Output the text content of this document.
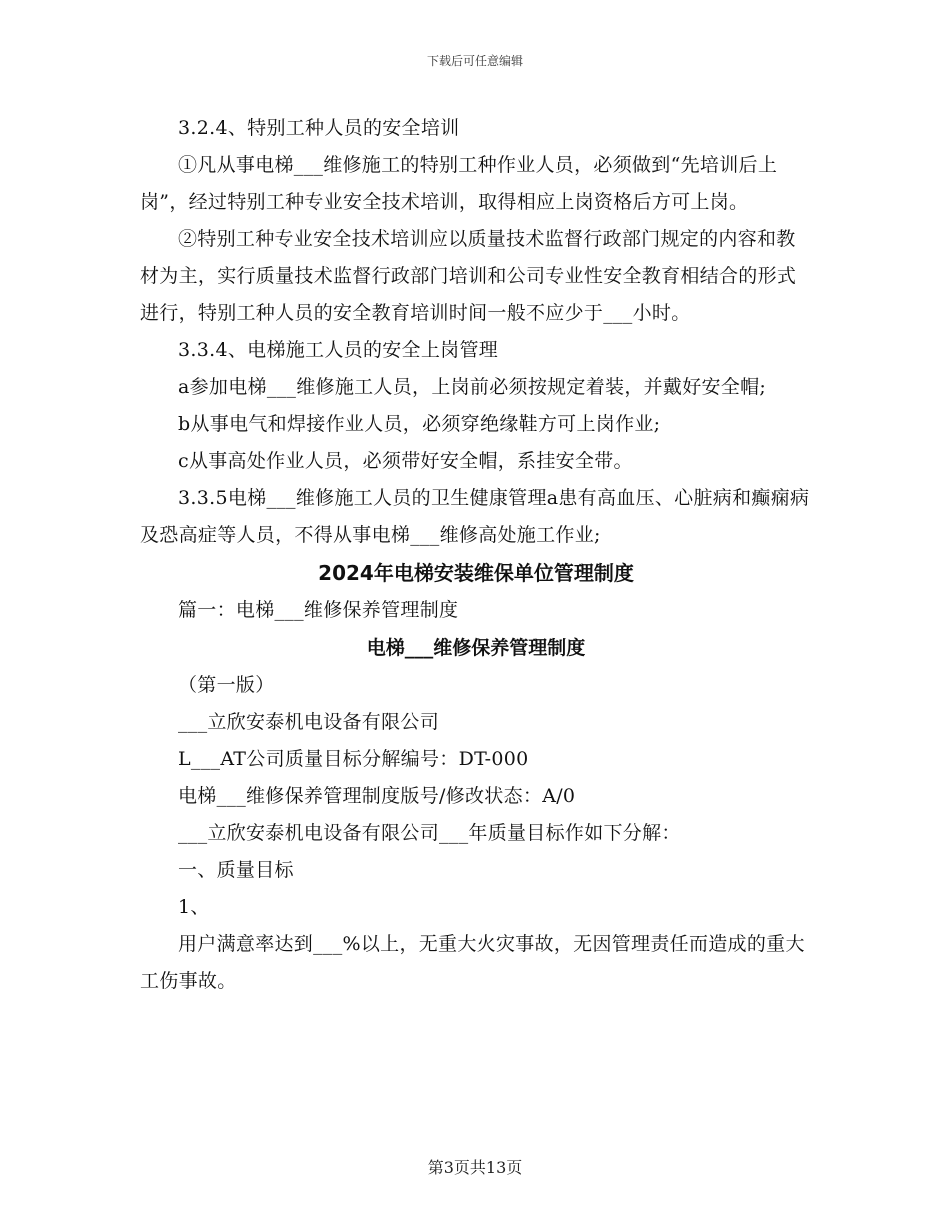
下载后可任意编辑

3.2.4、特别工种人员的安全培训

①凡从事电梯___维修施工的特别工种作业人员，必须做到“先培训后上岗”，经过特别工种专业安全技术培训，取得相应上岗资格后方可上岗。

②特别工种专业安全技术培训应以质量技术监督行政部门规定的内容和教材为主，实行质量技术监督行政部门培训和公司专业性安全教育相结合的形式进行，特别工种人员的安全教育培训时间一般不应少于___小时。

3.3.4、电梯施工人员的安全上岗管理

a参加电梯___维修施工人员，上岗前必须按规定着装，并戴好安全帽;

b从事电气和焊接作业人员，必须穿绝缘鞋方可上岗作业;

c从事高处作业人员，必须带好安全帽，系挂安全带。

3.3.5电梯___维修施工人员的卫生健康管理a患有高血压、心脏病和癫痫病及恐高症等人员，不得从事电梯___维修高处施工作业;

2024年电梯安装维保单位管理制度

篇一：电梯___维修保养管理制度

电梯___维修保养管理制度

（第一版）

___立欣安泰机电设备有限公司

L___AT公司质量目标分解编号：DT-000

电梯___维修保养管理制度版号/修改状态：A/0

___立欣安泰机电设备有限公司___年质量目标作如下分解：

一、质量目标

1、

用户满意率达到___%以上，无重大火灾事故，无因管理责任而造成的重大工伤事故。

第3页共13页
